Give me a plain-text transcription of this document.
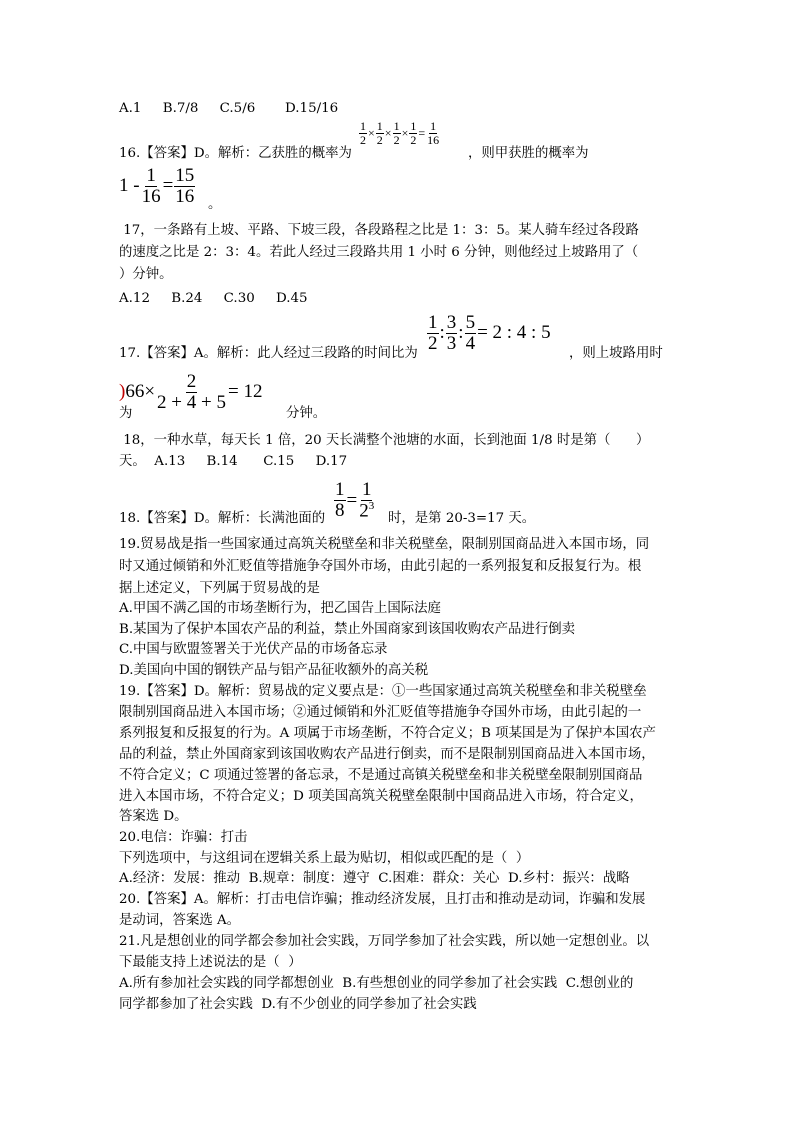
A.1     B.7/8     C.5/6       D.15/16
16.【答案】D。解析：乙获胜的概率为
$\frac{1}{2} \times \frac{1}{2} \times \frac{1}{2} \times \frac{1}{2} = \frac{1}{16}$
，则甲获胜的概率为
$1 - \frac{1}{16} = \frac{15}{16}$ 。
17，一条路有上坡、平路、下坡三段，各段路程之比是 1：3：5。某人骑车经过各段路
的速度之比是 2：3：4。若此人经过三段路共用 1 小时 6 分钟，则他经过上坡路用了（
）分钟。
A.12     B.24     C.30     D.45
17.【答案】A。解析：此人经过三段路的时间比为 $\frac{1}{2}$ : $\frac{3}{3}$ : $\frac{5}{4} = 2$ : 4 : 5
，则上坡路用时
)$66\times \frac{2}{2 + 4 + 5} = 12$
为	分钟。
18，一种水草，每天长 1 倍，20 天长满整个池塘的水面，长到池面 1/8 时是第（      ）
天。  A.13     B.14      C.15     D.17
18.【答案】D。解析：长满池面的 $\frac{1}{8} = \frac{1}{2^3}$ 时，是第 20-3=17 天。
19.贸易战是指一些国家通过高筑关税壁垒和非关税壁垒，限制别国商品进入本国市场，同
时又通过倾销和外汇贬值等措施争夺国外市场，由此引起的一系列报复和反报复行为。根
据上述定义，下列属于贸易战的是
A.甲国不满乙国的市场垄断行为，把乙国告上国际法庭
B.某国为了保护本国农产品的利益，禁止外国商家到该国收购农产品进行倒卖
C.中国与欧盟签署关于光伏产品的市场备忘录
D.美国向中国的钢铁产品与铝产品征收额外的高关税
19.【答案】D。解析：贸易战的定义要点是：①一些国家通过高筑关税壁垒和非关税壁垒
限制别国商品进入本国市场；②通过倾销和外汇贬值等措施争夺国外市场，由此引起的一
系列报复和反报复的行为。A 项属于市场垄断，不符合定义；B 项某国是为了保护本国农产
品的利益，禁止外国商家到该国收购农产品进行倒卖，而不是限制别国商品进入本国市场，
不符合定义；C 项通过签署的备忘录，不是通过高镇关税壁垒和非关税壁垒限制别国商品
进入本国市场，不符合定义；D 项美国高筑关税壁垒限制中国商品进入市场，符合定义，
答案选 D。
20.电信：诈骗：打击
下列选项中，与这组词在逻辑关系上最为贴切，相似或匹配的是（  ）
A.经济：发展：推动  B.规章：制度：遵守  C.困难：群众：关心  D.乡村：振兴：战略
20.【答案】A。解析：打击电信诈骗；推动经济发展，且打击和推动是动词，诈骗和发展
是动词，答案选 A。
21.凡是想创业的同学都会参加社会实践，万同学参加了社会实践，所以她一定想创业。以
下最能支持上述说法的是（  ）
A.所有参加社会实践的同学都想创业  B.有些想创业的同学参加了社会实践  C.想创业的
同学都参加了社会实践  D.有不少创业的同学参加了社会实践
